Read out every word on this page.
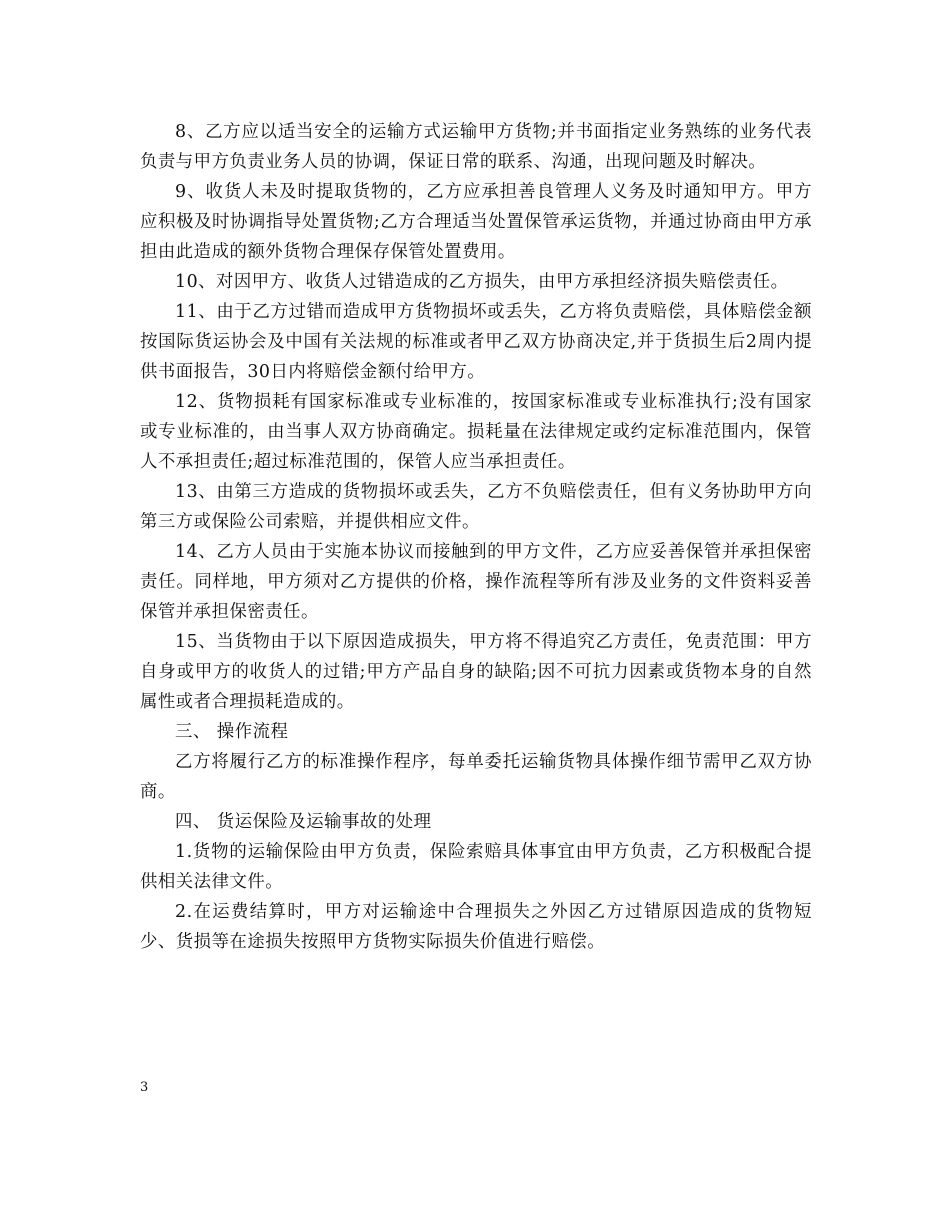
8、乙方应以适当安全的运输方式运输甲方货物;并书面指定业务熟练的业务代表负责与甲方负责业务人员的协调，保证日常的联系、沟通，出现问题及时解决。

9、收货人未及时提取货物的，乙方应承担善良管理人义务及时通知甲方。甲方应积极及时协调指导处置货物;乙方合理适当处置保管承运货物，并通过协商由甲方承担由此造成的额外货物合理保存保管处置费用。

10、对因甲方、收货人过错造成的乙方损失，由甲方承担经济损失赔偿责任。

11、由于乙方过错而造成甲方货物损坏或丢失，乙方将负责赔偿，具体赔偿金额按国际货运协会及中国有关法规的标准或者甲乙双方协商决定,并于货损生后2周内提供书面报告，30日内将赔偿金额付给甲方。

12、货物损耗有国家标准或专业标准的，按国家标准或专业标准执行;没有国家或专业标准的，由当事人双方协商确定。损耗量在法律规定或约定标准范围内，保管人不承担责任;超过标准范围的，保管人应当承担责任。

13、由第三方造成的货物损坏或丢失，乙方不负赔偿责任，但有义务协助甲方向第三方或保险公司索赔，并提供相应文件。

14、乙方人员由于实施本协议而接触到的甲方文件，乙方应妥善保管并承担保密责任。同样地，甲方须对乙方提供的价格，操作流程等所有涉及业务的文件资料妥善保管并承担保密责任。

15、当货物由于以下原因造成损失，甲方将不得追究乙方责任，免责范围：甲方自身或甲方的收货人的过错;甲方产品自身的缺陷;因不可抗力因素或货物本身的自然属性或者合理损耗造成的。

三、 操作流程

乙方将履行乙方的标准操作程序，每单委托运输货物具体操作细节需甲乙双方协商。

四、 货运保险及运输事故的处理

1.货物的运输保险由甲方负责，保险索赔具体事宜由甲方负责，乙方积极配合提供相关法律文件。

2.在运费结算时，甲方对运输途中合理损失之外因乙方过错原因造成的货物短少、货损等在途损失按照甲方货物实际损失价值进行赔偿。

3
